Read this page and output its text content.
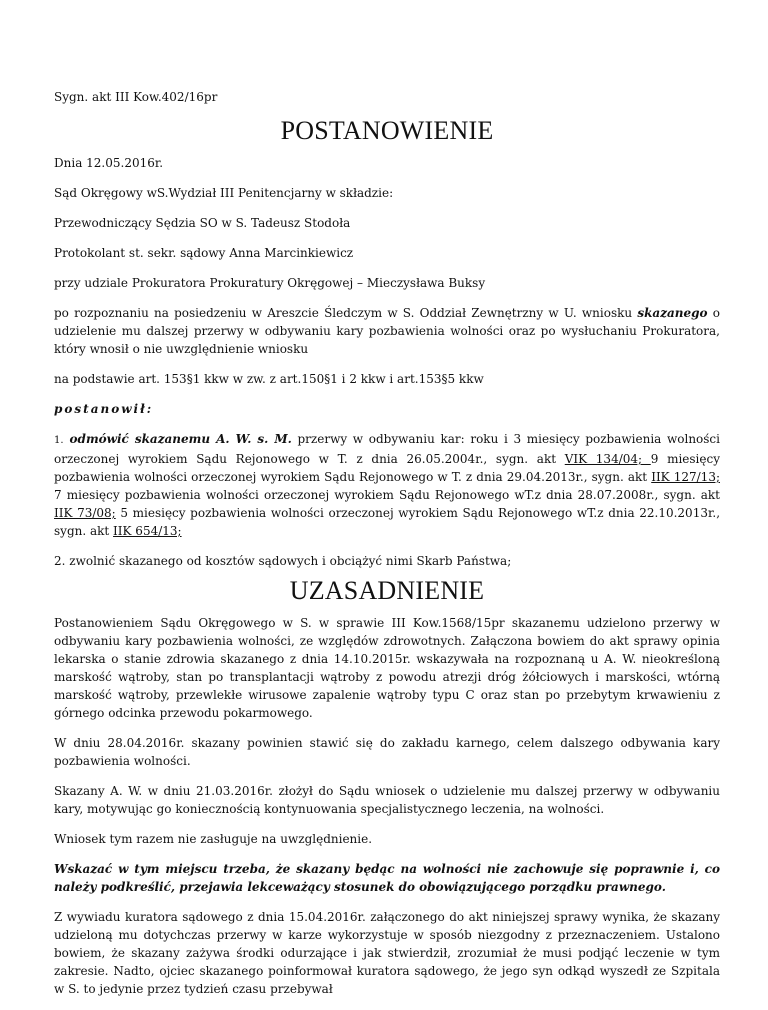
Sygn. akt III Kow.402/16pr

POSTANOWIENIE

Dnia 12.05.2016r.

Sąd Okręgowy wS.Wydział III Penitencjarny w składzie:

Przewodniczący Sędzia SO w S. Tadeusz Stodoła

Protokolant st. sekr. sądowy Anna Marcinkiewicz

przy udziale Prokuratora Prokuratury Okręgowej – Mieczysława Buksy

po rozpoznaniu na posiedzeniu w Areszcie Śledczym w S. Oddział Zewnętrzny w U. wniosku skazanego o udzielenie mu dalszej przerwy w odbywaniu kary pozbawienia wolności oraz po wysłuchaniu Prokuratora, który wnosił o nie uwzględnienie wniosku

na podstawie art. 153§1 kkw w zw. z art.150§1 i 2 kkw i art.153§5 kkw

postanowił:

1. odmówić skazanemu A. W. s. M. przerwy w odbywaniu kar: roku i 3 miesięcy pozbawienia wolności orzeczonej wyrokiem Sądu Rejonowego w T. z dnia 26.05.2004r., sygn. akt VIK 134/04; 9 miesięcy pozbawienia wolności orzeczonej wyrokiem Sądu Rejonowego w T. z dnia 29.04.2013r., sygn. akt IIK 127/13; 7 miesięcy pozbawienia wolności orzeczonej wyrokiem Sądu Rejonowego wT.z dnia 28.07.2008r., sygn. akt IIK 73/08; 5 miesięcy pozbawienia wolności orzeczonej wyrokiem Sądu Rejonowego wT.z dnia 22.10.2013r., sygn. akt IIK 654/13;

2. zwolnić skazanego od kosztów sądowych i obciążyć nimi Skarb Państwa;

UZASADNIENIE

Postanowieniem Sądu Okręgowego w S. w sprawie III Kow.1568/15pr skazanemu udzielono przerwy w odbywaniu kary pozbawienia wolności, ze względów zdrowotnych. Załączona bowiem do akt sprawy opinia lekarska o stanie zdrowia skazanego z dnia 14.10.2015r. wskazywała na rozpoznaną u A. W. nieokreśloną marskość wątroby, stan po transplantacji wątroby z powodu atrezji dróg żółciowych i marskości, wtórną marskość wątroby, przewlekłe wirusowe zapalenie wątroby typu C oraz stan po przebytym krwawieniu z górnego odcinka przewodu pokarmowego.

W dniu 28.04.2016r. skazany powinien stawić się do zakładu karnego, celem dalszego odbywania kary pozbawienia wolności.

Skazany A. W. w dniu 21.03.2016r. złożył do Sądu wniosek o udzielenie mu dalszej przerwy w odbywaniu kary, motywując go koniecznością kontynuowania specjalistycznego leczenia, na wolności.

Wniosek tym razem nie zasługuje na uwzględnienie.

Wskazać w tym miejscu trzeba, że skazany będąc na wolności nie zachowuje się poprawnie i, co należy podkreślić, przejawia lekceważący stosunek do obowiązującego porządku prawnego.

Z wywiadu kuratora sądowego z dnia 15.04.2016r. załączonego do akt niniejszej sprawy wynika, że skazany udzieloną mu dotychczas przerwy w karze wykorzystuje w sposób niezgodny z przeznaczeniem. Ustalono bowiem, że skazany zażywa środki odurzające i jak stwierdził, zrozumiał że musi podjąć leczenie w tym zakresie. Nadto, ojciec skazanego poinformował kuratora sądowego, że jego syn odkąd wyszedł ze Szpitala w S. to jedynie przez tydzień czasu przebywał
